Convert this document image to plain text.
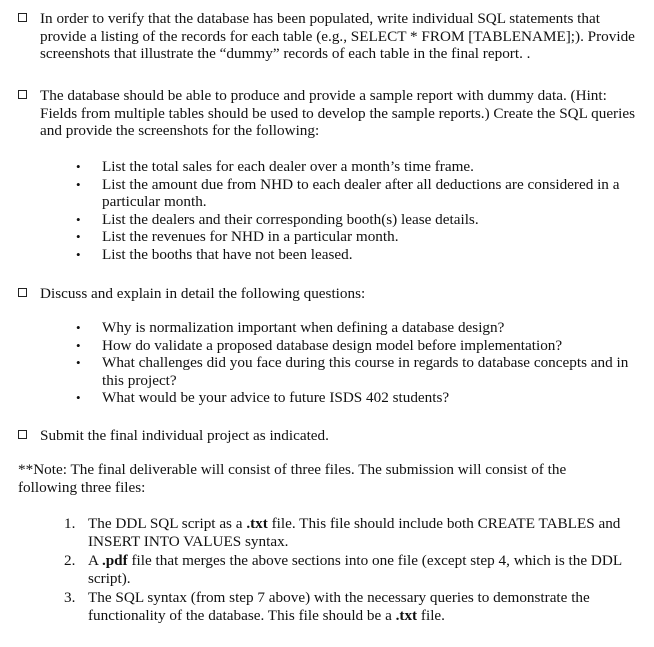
In order to verify that the database has been populated, write individual SQL statements that provide a listing of the records for each table (e.g., SELECT * FROM [TABLENAME];). Provide screenshots that illustrate the “dummy” records of each table in the final report. .
The database should be able to produce and provide a sample report with dummy data. (Hint: Fields from multiple tables should be used to develop the sample reports.) Create the SQL queries and provide the screenshots for the following:
•	List the total sales for each dealer over a month’s time frame.
•	List the amount due from NHD to each dealer after all deductions are considered in a particular month.
•	List the dealers and their corresponding booth(s) lease details.
•	List the revenues for NHD in a particular month.
•	List the booths that have not been leased.
Discuss and explain in detail the following questions:
•	Why is normalization important when defining a database design?
•	How do validate a proposed database design model before implementation?
•	What challenges did you face during this course in regards to database concepts and in this project?
•	What would be your advice to future ISDS 402 students?
Submit the final individual project as indicated.
**Note: The final deliverable will consist of three files. The submission will consist of the following three files:
1. The DDL SQL script as a .txt file. This file should include both CREATE TABLES and INSERT INTO VALUES syntax.
2. A .pdf file that merges the above sections into one file (except step 4, which is the DDL script).
3. The SQL syntax (from step 7 above) with the necessary queries to demonstrate the functionality of the database. This file should be a .txt file.
